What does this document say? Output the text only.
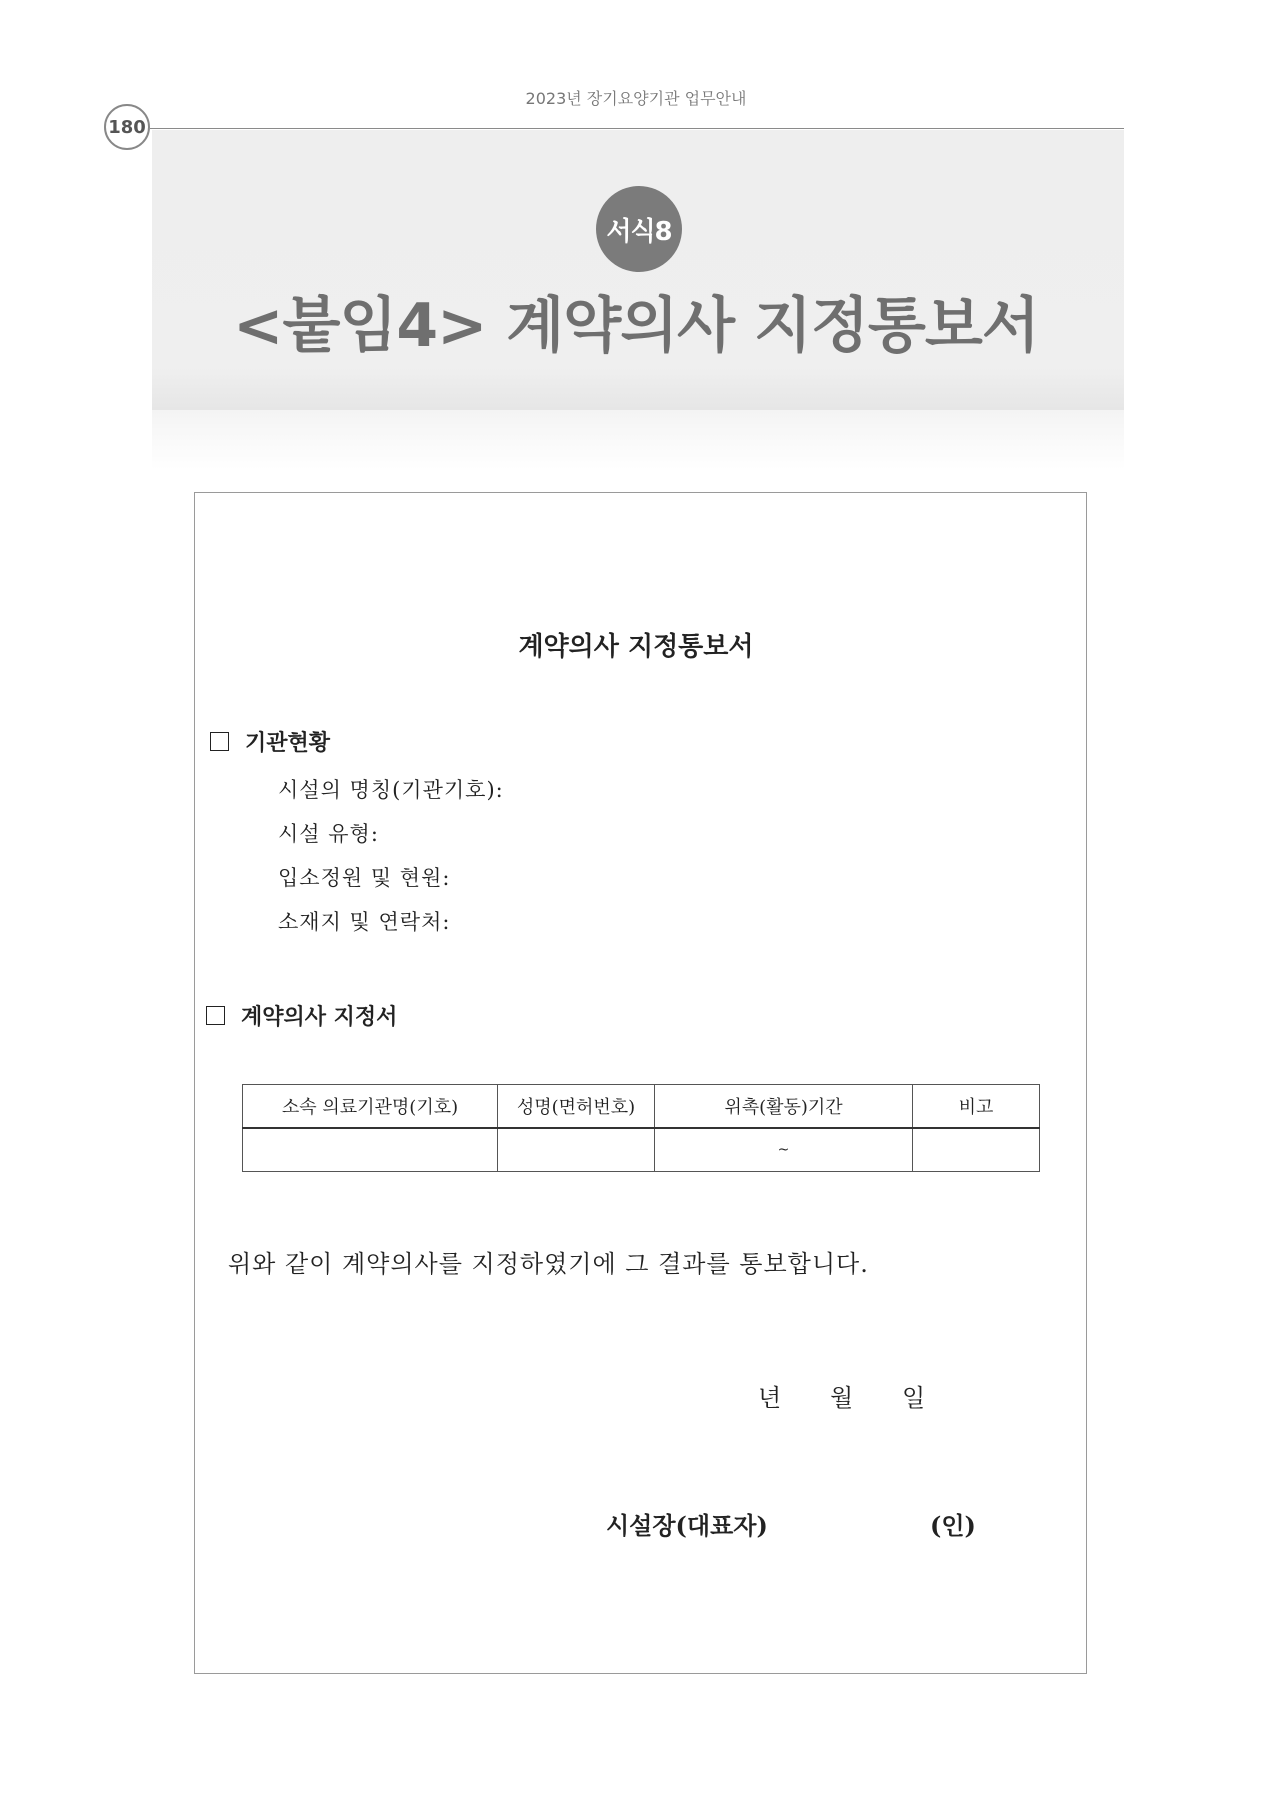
2023년 장기요양기관 업무안내
180
서식8
<붙임4> 계약의사 지정통보서
계약의사 지정통보서
기관현황
시설의 명칭(기관기호):
시설 유형:
입소정원 및 현원:
소재지 및 연락처:
계약의사 지정서
소속 의료기관명(기호)	성명(면허번호)	위촉(활동)기간	비고
		~	
위와 같이 계약의사를 지정하였기에 그 결과를 통보합니다.
년 월 일
시설장(대표자)	(인)
